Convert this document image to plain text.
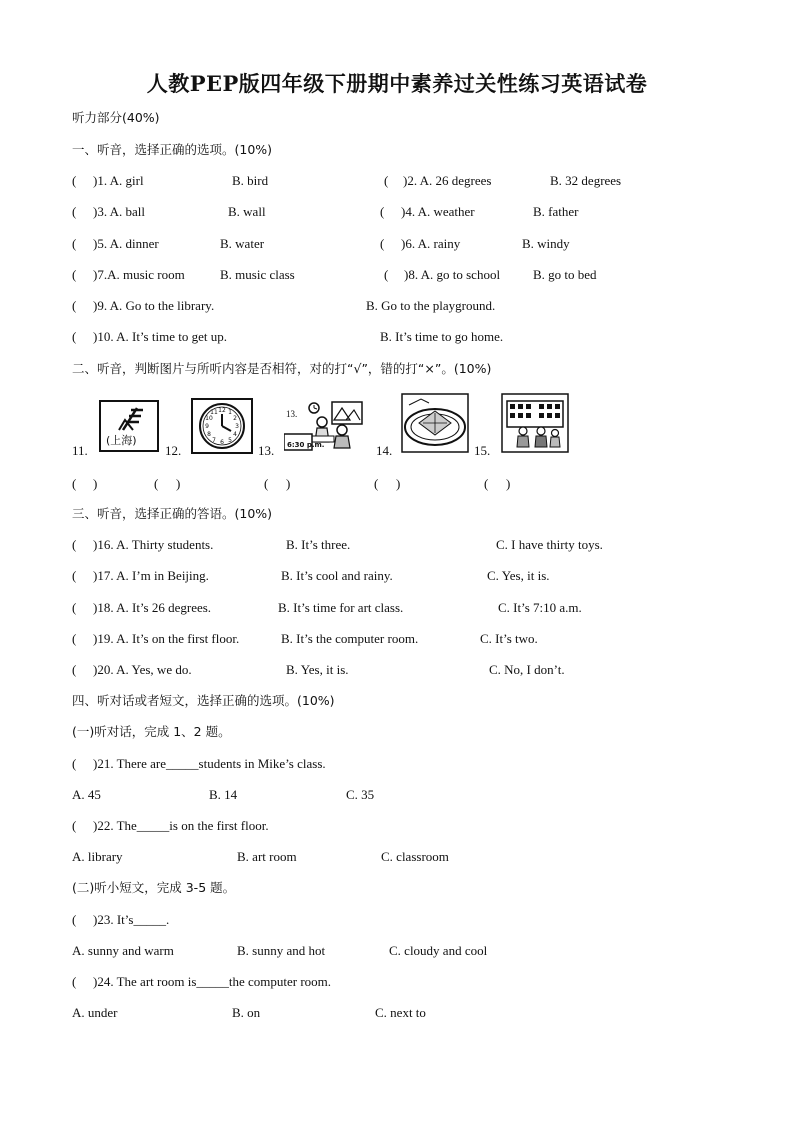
人教PEP版四年级下册期中素养过关性练习英语试卷
听力部分(40%)
一、听音，选择正确的选项。(10%)
( )1. A. girl	B. bird	( )2. A. 26 degrees	B. 32 degrees
( )3. A. ball	B. wall	( )4. A. weather	B. father
( )5. A. dinner	B. water	( )6. A. rainy	B. windy
( )7.A. music room	B. music class	( )8. A. go to school	B. go to bed
( )9. A. Go to the library.	B. Go to the playground.
( )10. A. It’s time to get up.	B. It’s time to go home.
二、听音，判断图片与所听内容是否相符，对的打“√”，错的打“×”。(10%)
11.	12.	13.	14.	15.
(上海)
12 1
2
3
4
5
6
7
8
9
10
11	13.
6:30 p.m.
( )	( )	( )	( )	( )
三、听音，选择正确的答语。(10%)
( )16. A. Thirty students.	B. It’s three.	C. I have thirty toys.
( )17. A. I’m in Beijing.	B. It’s cool and rainy.	C. Yes, it is.
( )18. A. It’s 26 degrees.	B. It’s time for art class.	C. It’s 7:10 a.m.
( )19. A. It’s on the first floor.	B. It’s the computer room.	C. It’s two.
( )20. A. Yes, we do.	B. Yes, it is.	C. No, I don’t.
四、听对话或者短文，选择正确的选项。(10%)
(一)听对话，完成 1、2 题。
( )21. There are_____students in Mike’s class.
A. 45	B. 14	C. 35
( )22. The_____is on the first floor.
A. library	B. art room	C. classroom
(二)听小短文，完成 3-5 题。
( )23. It’s_____.
A. sunny and warm	B. sunny and hot	C. cloudy and cool
( )24. The art room is_____the computer room.
A. under	B. on	C. next to
